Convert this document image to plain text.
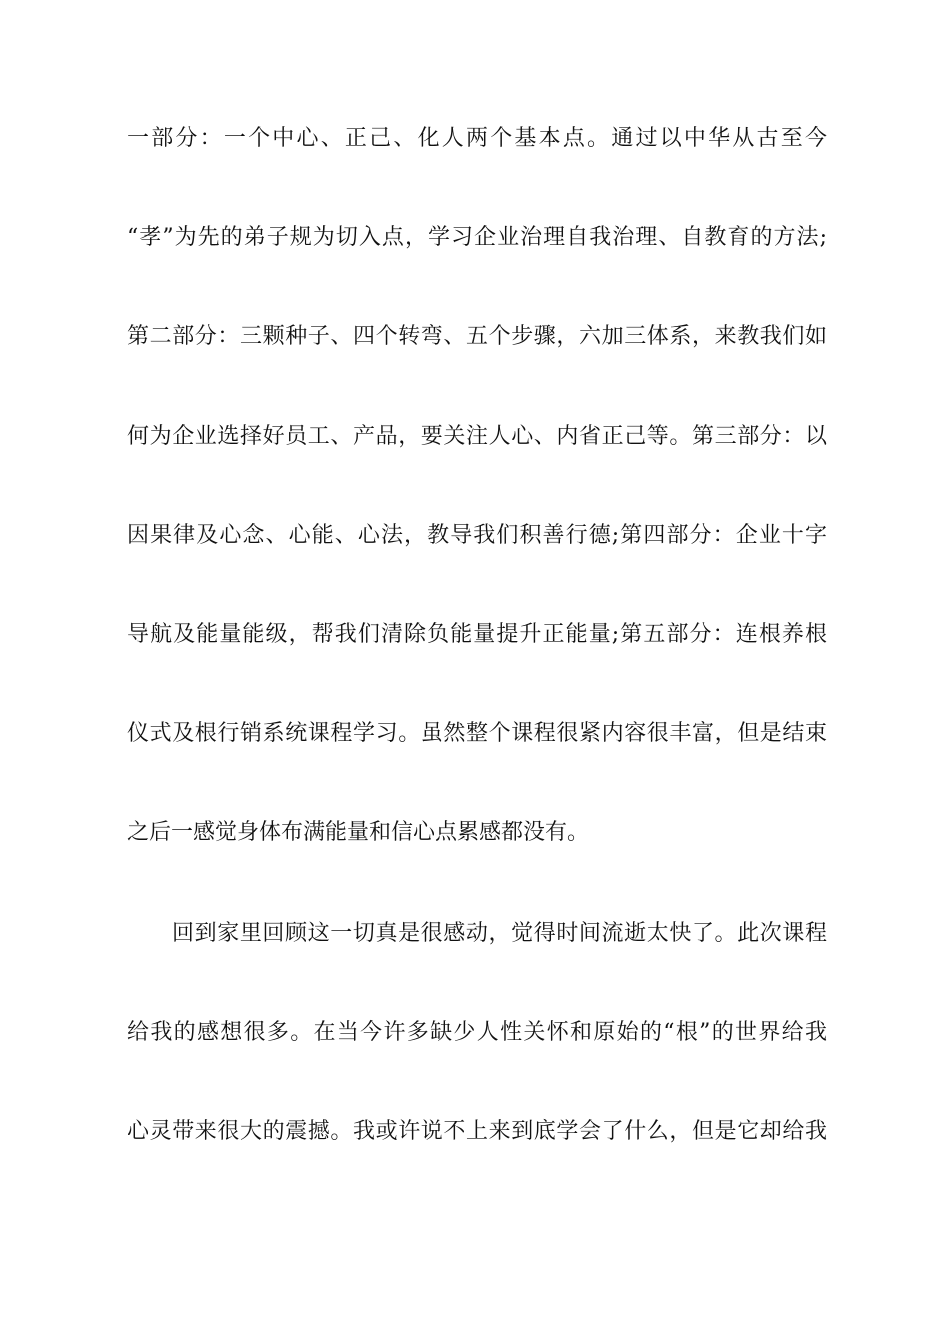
一部分：一个中心、正己、化人两个基本点。通过以中华从古至今
“孝”为先的弟子规为切入点，学习企业治理自我治理、自教育的方法;
第二部分：三颗种子、四个转弯、五个步骤，六加三体系，来教我们如
何为企业选择好员工、产品，要关注人心、内省正己等。第三部分：以
因果律及心念、心能、心法，教导我们积善行德;第四部分：企业十字
导航及能量能级，帮我们清除负能量提升正能量;第五部分：连根养根
仪式及根行销系统课程学习。虽然整个课程很紧内容很丰富，但是结束
之后一感觉身体布满能量和信心点累感都没有。
回到家里回顾这一切真是很感动，觉得时间流逝太快了。此次课程
给我的感想很多。在当今许多缺少人性关怀和原始的“根”的世界给我
心灵带来很大的震撼。我或许说不上来到底学会了什么，但是它却给我
